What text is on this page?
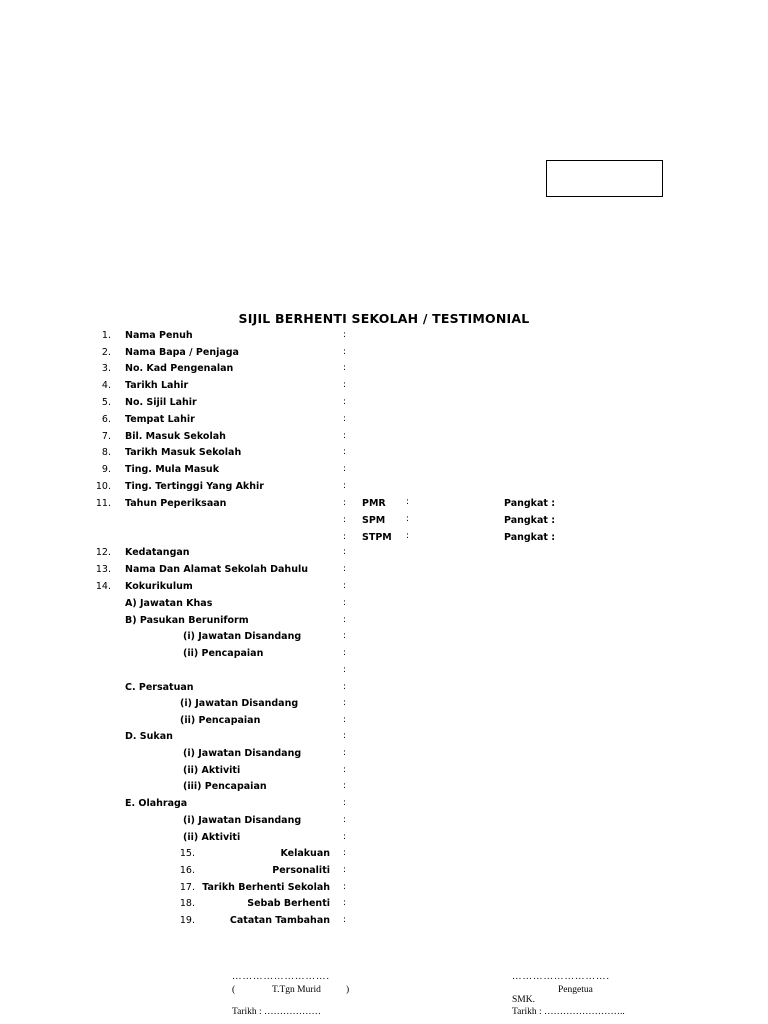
SIJIL BERHENTI SEKOLAH / TESTIMONIAL
1. Nama Penuh	:
2. Nama Bapa / Penjaga	:
3. No. Kad Pengenalan	:
4. Tarikh Lahir	:
5. No. Sijil Lahir	:
6. Tempat Lahir	:
7. Bil. Masuk Sekolah	:
8. Tarikh Masuk Sekolah	:
9. Ting. Mula Masuk	:
10. Ting. Tertinggi Yang Akhir	:
11. Tahun Peperiksaan	: PMR :	Pangkat :
: SPM :	Pangkat :
: STPM :	Pangkat :
12. Kedatangan	:
13. Nama Dan Alamat Sekolah Dahulu	:
14. Kokurikulum	:
A) Jawatan Khas	:
B) Pasukan Beruniform	:
(i) Jawatan Disandang	:
(ii) Pencapaian	:
:
C. Persatuan	:
(i) Jawatan Disandang	:
(ii) Pencapaian	:
D. Sukan	:
(i) Jawatan Disandang	:
(ii) Aktiviti	:
(iii) Pencapaian	:
E. Olahraga	:
(i) Jawatan Disandang	:
(ii) Aktiviti	:
15.	Kelakuan :
16.	Personaliti :
17. Tarikh Berhenti Sekolah :
18.	Sebab Berhenti :
19.	Catatan Tambahan :
……………………….
(	T.Tgn Murid	)
Tarikh : ………………
……………………….
Pengetua
SMK.
Tarikh : ……………………..
